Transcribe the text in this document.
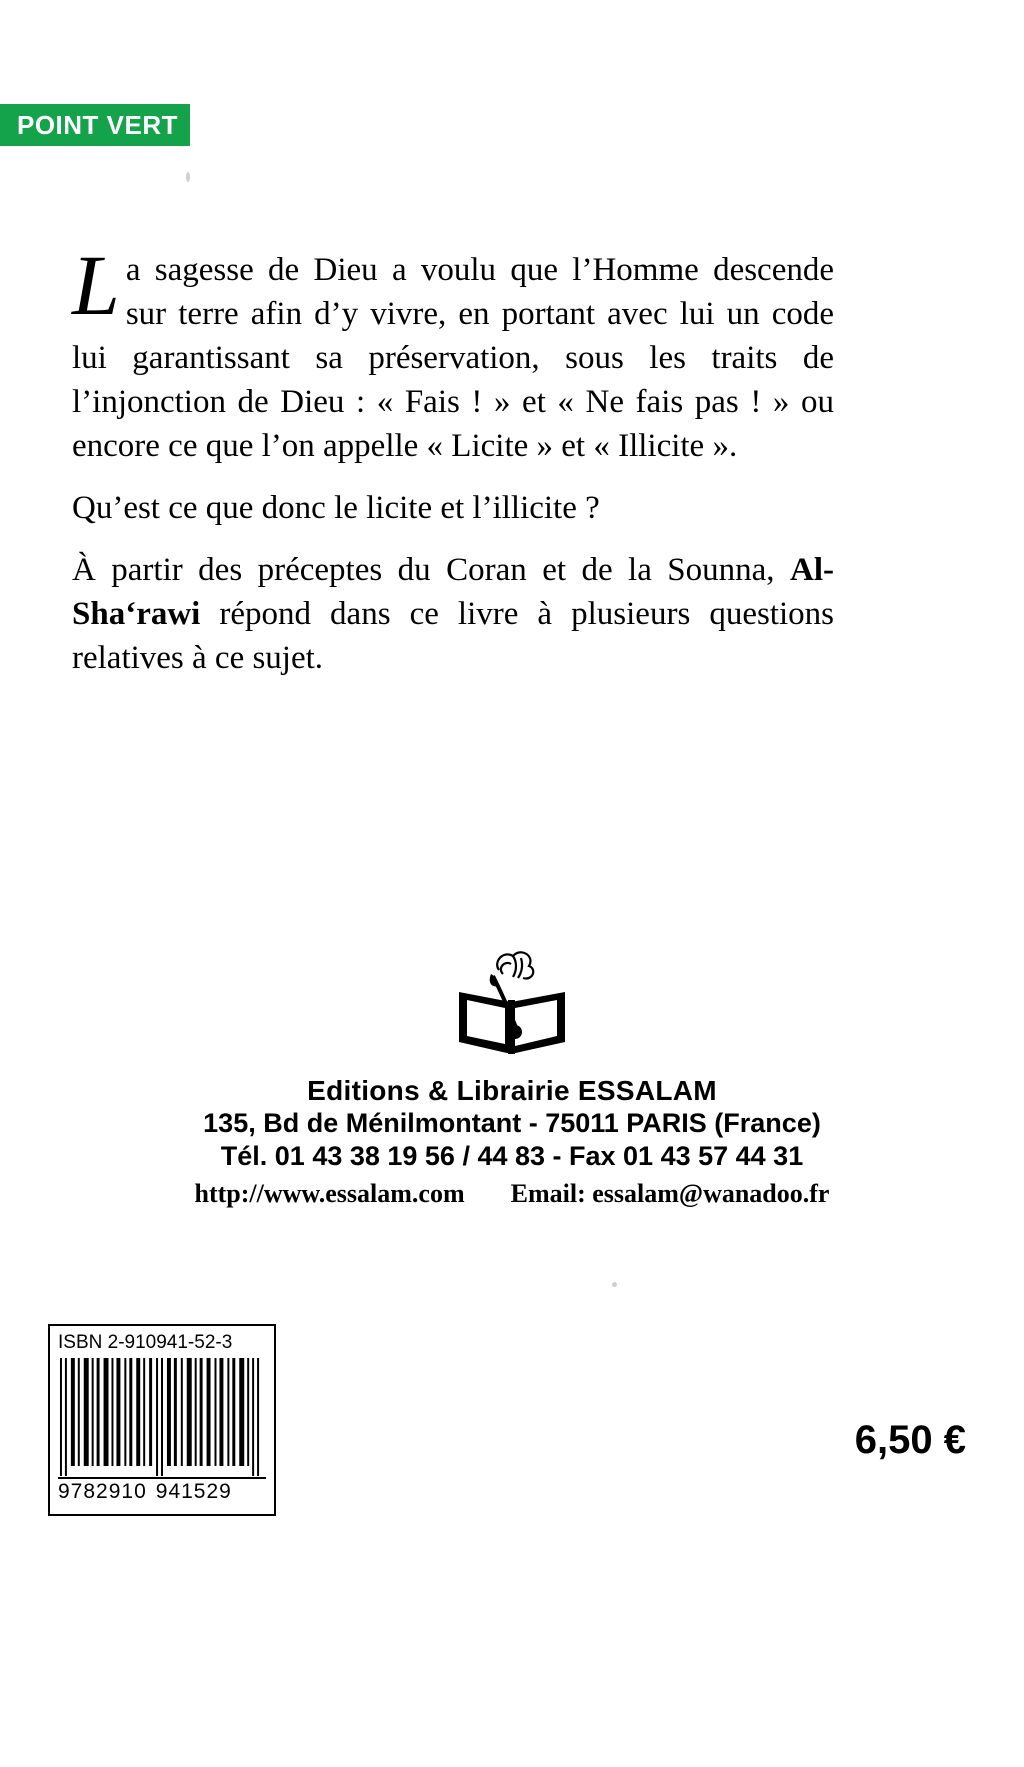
POINT VERT

La sagesse de Dieu a voulu que l’Homme descende sur terre afin d’y vivre, en portant avec lui un code lui garantissant sa préservation, sous les traits de l’injonction de Dieu : « Fais ! » et « Ne fais pas ! » ou encore ce que l’on appelle « Licite » et « Illicite ».

Qu’est ce que donc le licite et l’illicite ?

À partir des préceptes du Coran et de la Sounna, Al-Sha‘rawi répond dans ce livre à plusieurs questions relatives à ce sujet.

Editions & Librairie ESSALAM
135, Bd de Ménilmontant - 75011 PARIS (France)
Tél. 01 43 38 19 56 / 44 83 - Fax 01 43 57 44 31
http://www.essalam.com Email: essalam@wanadoo.fr
ISBN 2-910941-52-3
9782910 941529
6,50 €
